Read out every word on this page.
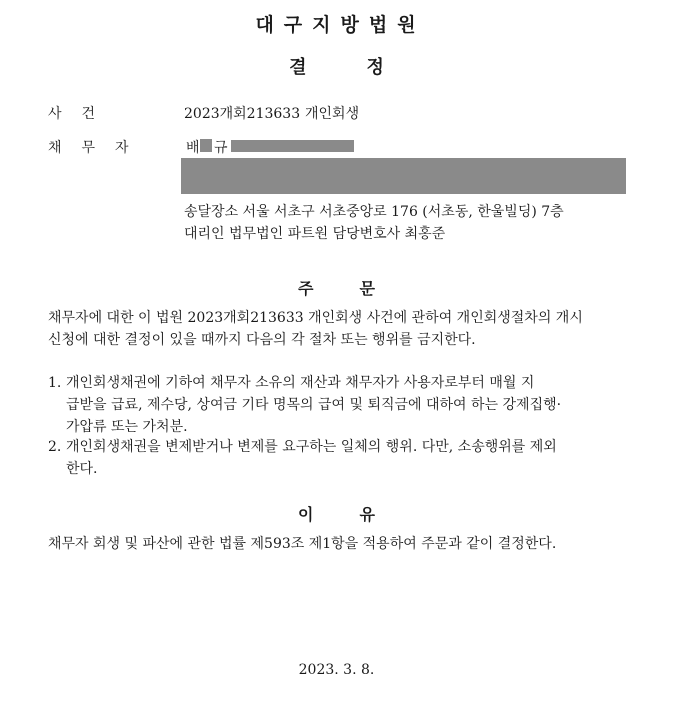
대구지방법원
결정
사건	2023개회213633 개인회생
채무자	배 규
송달장소 서울 서초구 서초중앙로 176 (서초동, 한울빌딩) 7층
대리인 법무법인 파트원 담당변호사 최홍준
주문
채무자에 대한 이 법원 2023개회213633 개인회생 사건에 관하여 개인회생절차의 개시
신청에 대한 결정이 있을 때까지 다음의 각 절차 또는 행위를 금지한다.
1. 개인회생채권에 기하여 채무자 소유의 재산과 채무자가 사용자로부터 매월 지
급받을 급료, 제수당, 상여금 기타 명목의 급여 및 퇴직금에 대하여 하는 강제집행·
가압류 또는 가처분.
2. 개인회생채권을 변제받거나 변제를 요구하는 일체의 행위. 다만, 소송행위를 제외
한다.
이유
채무자 회생 및 파산에 관한 법률 제593조 제1항을 적용하여 주문과 같이 결정한다.
2023. 3. 8.
